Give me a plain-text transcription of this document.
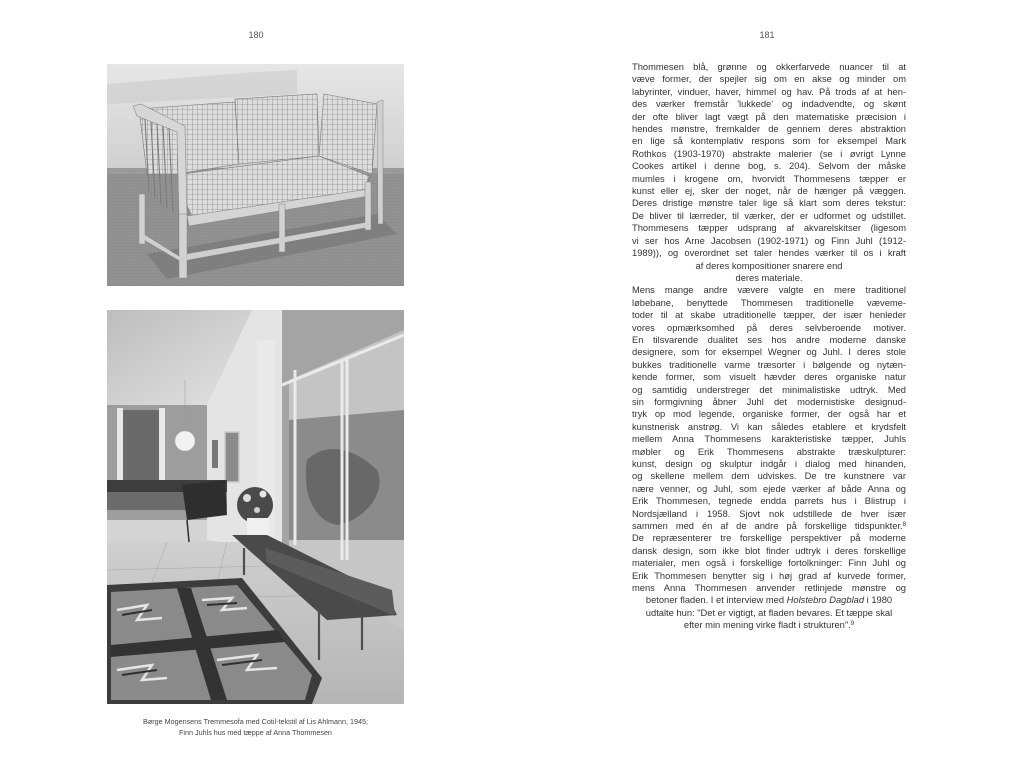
180	181
Børge Mogensens Tremmesofa med Cotil-tekstil af Lis Ahlmann, 1945;
Finn Juhls hus med tæppe af Anna Thommesen
Thommesen blå, grønne og okkerfarvede nuancer til at
væve former, der spejler sig om en akse og minder om
labyrinter, vinduer, haver, himmel og hav. På trods af at hen-
des værker fremstår 'lukkede' og indadvendte, og skønt
der ofte bliver lagt vægt på den matematiske præcision i
hendes mønstre, fremkalder de gennem deres abstraktion
en lige så kontemplativ respons som for eksempel Mark
Rothkos (1903-1970) abstrakte malerier (se i øvrigt Lynne
Cookes artikel i denne bog, s. 204). Selvom der måske
mumles i krogene om, hvorvidt Thommesens tæpper er
kunst eller ej, sker der noget, når de hænger på væggen.
Deres dristige mønstre taler lige så klart som deres tekstur:
De bliver til lærreder, til værker, der er udformet og udstillet.
Thommesens tæpper udsprang af akvarelskitser (ligesom
vi ser hos Arne Jacobsen (1902-1971) og Finn Juhl (1912-
1989)), og overordnet set taler hendes værker til os i kraft
af deres kompositioner snarere end
deres materiale.
Mens mange andre vævere valgte en mere traditionel
løbebane, benyttede Thommesen traditionelle væveme-
toder til at skabe utraditionelle tæpper, der især henleder
vores opmærksomhed på deres selvberoende motiver.
En tilsvarende dualitet ses hos andre moderne danske
designere, som for eksempel Wegner og Juhl. I deres stole
bukkes traditionelle varme træsorter i bølgende og nytæn-
kende former, som visuelt hævder deres organiske natur
og samtidig understreger det minimalistiske udtryk. Med
sin formgivning åbner Juhl det modernistiske designud-
tryk op mod legende, organiske former, der også har et
kunstnerisk anstrøg. Vi kan således etablere et krydsfelt
mellem Anna Thommesens karakteristiske tæpper, Juhls
møbler og Erik Thommesens abstrakte træskulpturer:
kunst, design og skulptur indgår i dialog med hinanden,
og skellene mellem dem udviskes. De tre kunstnere var
nære venner, og Juhl, som ejede værker af både Anna og
Erik Thommesen, tegnede endda parrets hus i Blistrup i
Nordsjælland i 1958. Sjovt nok udstillede de hver især
sammen med én af de andre på forskellige tidspunkter.$^8$
De repræsenterer tre forskellige perspektiver på moderne
dansk design, som ikke blot finder udtryk i deres forskellige
materialer, men også i forskellige fortolkninger: Finn Juhl og
Erik Thommesen benytter sig i høj grad af kurvede former,
mens Anna Thommesen anvender retlinjede mønstre og
betoner fladen. I et interview med Holstebro Dagblad i 1980
udtalte hun: "Det er vigtigt, at fladen bevares. Et tæppe skal
efter min mening virke fladt i strukturen".$^9$
